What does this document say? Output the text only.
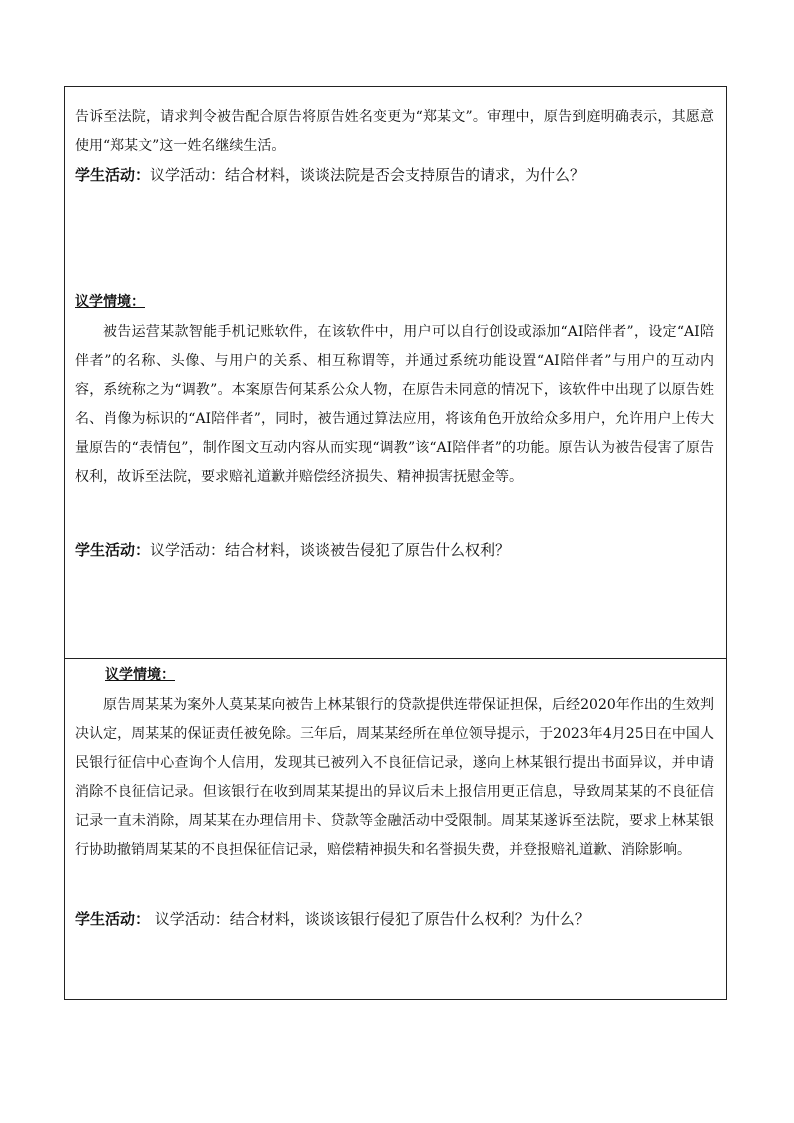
告诉至法院，请求判令被告配合原告将原告姓名变更为“郑某文”。审理中，原告到庭明确表示，其愿意使用“郑某文”这一姓名继续生活。
学生活动：议学活动：结合材料，谈谈法院是否会支持原告的请求，为什么？
议学情境：
被告运营某款智能手机记账软件，在该软件中，用户可以自行创设或添加“AI陪伴者”，设定“AI陪伴者”的名称、头像、与用户的关系、相互称谓等，并通过系统功能设置“AI陪伴者”与用户的互动内容，系统称之为“调教”。本案原告何某系公众人物，在原告未同意的情况下，该软件中出现了以原告姓名、肖像为标识的“AI陪伴者”，同时，被告通过算法应用，将该角色开放给众多用户，允许用户上传大量原告的“表情包”，制作图文互动内容从而实现“调教”该“AI陪伴者”的功能。原告认为被告侵害了原告权利，故诉至法院，要求赔礼道歉并赔偿经济损失、精神损害抚慰金等。
学生活动：议学活动：结合材料，谈谈被告侵犯了原告什么权利？
议学情境：
原告周某某为案外人莫某某向被告上林某银行的贷款提供连带保证担保，后经2020年作出的生效判决认定，周某某的保证责任被免除。三年后，周某某经所在单位领导提示，于2023年4月25日在中国人民银行征信中心查询个人信用，发现其已被列入不良征信记录，遂向上林某银行提出书面异议，并申请消除不良征信记录。但该银行在收到周某某提出的异议后未上报信用更正信息，导致周某某的不良征信记录一直未消除，周某某在办理信用卡、贷款等金融活动中受限制。周某某遂诉至法院，要求上林某银行协助撤销周某某的不良担保征信记录，赔偿精神损失和名誉损失费，并登报赔礼道歉、消除影响。
学生活动： 议学活动：结合材料，谈谈该银行侵犯了原告什么权利？为什么？
